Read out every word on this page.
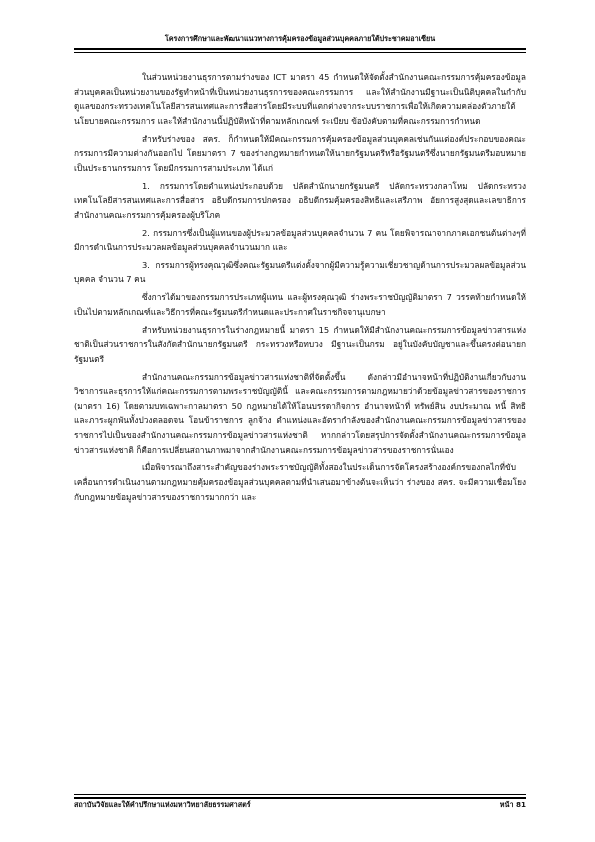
โครงการศึกษาและพัฒนาแนวทางการคุ้มครองข้อมูลส่วนบุคคลภายใต้ประชาคมอาเซียน

ในส่วนหน่วยงานธุรการตามร่างของ ICT มาตรา 45 กำหนดให้จัดตั้งสำนักงานคณะกรรมการคุ้มครองข้อมูลส่วนบุคคลเป็นหน่วยงานของรัฐทำหน้าที่เป็นหน่วยงานธุรการของคณะกรรมการ และให้สำนักงานมีฐานะเป็นนิติบุคคลในกำกับดูแลของกระทรวงเทคโนโลยีสารสนเทศและการสื่อสารโดยมีระบบที่แตกต่างจากระบบราชการเพื่อให้เกิดความคล่องตัวภายใต้นโยบายคณะกรรมการ และให้สำนักงานนี้ปฏิบัติหน้าที่ตามหลักเกณฑ์ ระเบียบ ข้อบังคับตามที่คณะกรรมการกำหนด

สำหรับร่างของ สคร. ก็กำหนดให้มีคณะกรรมการคุ้มครองข้อมูลส่วนบุคคลเช่นกันแต่องค์ประกอบของคณะกรรมการมีความต่างกันออกไป โดยมาตรา 7 ของร่างกฎหมายกำหนดให้นายกรัฐมนตรีหรือรัฐมนตรีซึ่งนายกรัฐมนตรีมอบหมายเป็นประธานกรรมการ โดยมีกรรมการสามประเภท ได้แก่

1. กรรมการโดยตำแหน่งประกอบด้วย ปลัดสำนักนายกรัฐมนตรี ปลัดกระทรวงกลาโหม ปลัดกระทรวงเทคโนโลยีสารสนเทศและการสื่อสาร อธิบดีกรมการปกครอง อธิบดีกรมคุ้มครองสิทธิและเสรีภาพ อัยการสูงสุดและเลขาธิการสำนักงานคณะกรรมการคุ้มครองผู้บริโภค

2. กรรมการซึ่งเป็นผู้แทนของผู้ประมวลข้อมูลส่วนบุคคลจำนวน 7 คน โดยพิจารณาจากภาคเอกชนต้นต่างๆที่มีการดำเนินการประมวลผลข้อมูลส่วนบุคคลจำนวนมาก และ

3. กรรมการผู้ทรงคุณวุฒิซึ่งคณะรัฐมนตรีแต่งตั้งจากผู้มีความรู้ความเชี่ยวชาญด้านการประมวลผลข้อมูลส่วนบุคคล จำนวน 7 คน

ซึ่งการได้มาของกรรมการประเภทผู้แทน และผู้ทรงคุณวุฒิ ร่างพระราชบัญญัติมาตรา 7 วรรคท้ายกำหนดให้เป็นไปตามหลักเกณฑ์และวิธีการที่คณะรัฐมนตรีกำหนดและประกาศในราชกิจจานุเบกษา

สำหรับหน่วยงานธุรการในร่างกฎหมายนี้ มาตรา 15 กำหนดให้มีสำนักงานคณะกรรมการข้อมูลข่าวสารแห่งชาติเป็นส่วนราชการในสังกัดสำนักนายกรัฐมนตรี กระทรวงหรือทบวง มีฐานะเป็นกรม อยู่ในบังคับบัญชาและขึ้นตรงต่อนายกรัฐมนตรี

สำนักงานคณะกรรมการข้อมูลข่าวสารแห่งชาติที่จัดตั้งขึ้น ดังกล่าวมีอำนาจหน้าที่ปฏิบัติงานเกี่ยวกับงานวิชาการและธุรการให้แก่คณะกรรมการตามพระราชบัญญัตินี้ และคณะกรรมการตามกฎหมายว่าด้วยข้อมูลข่าวสารของราชการ (มาตรา 16) โดยตามบทเฉพาะกาลมาตรา 50 กฎหมายได้ให้โอนบรรดากิจการ อำนาจหน้าที่ ทรัพย์สิน งบประมาณ หนี้ สิทธิ และภาระผูกพันทั้งปวงตลอดจน โอนข้าราชการ ลูกจ้าง ตำแหน่งและอัตรากำลังของสำนักงานคณะกรรมการข้อมูลข่าวสารของราชการไปเป็นของสำนักงานคณะกรรมการข้อมูลข่าวสารแห่งชาติ หากกล่าวโดยสรุปการจัดตั้งสำนักงานคณะกรรมการข้อมูลข่าวสารแห่งชาติ ก็คือการเปลี่ยนสถานภาพมาจากสำนักงานคณะกรรมการข้อมูลข่าวสารของราชการนั่นเอง

เมื่อพิจารณาถึงสาระสำคัญของร่างพระราชบัญญัติทั้งสองในประเด็นการจัดโครงสร้างองค์กรของกลไกที่ขับเคลื่อนการดำเนินงานตามกฎหมายคุ้มครองข้อมูลส่วนบุคคลตามที่นำเสนอมาข้างต้นจะเห็นว่า ร่างของ สคร. จะมีความเชื่อมโยงกับกฎหมายข้อมูลข่าวสารของราชการมากกว่า และ

สถาบันวิจัยและให้คำปรึกษาแห่งมหาวิทยาลัยธรรมศาสตร์	หน้า 81
